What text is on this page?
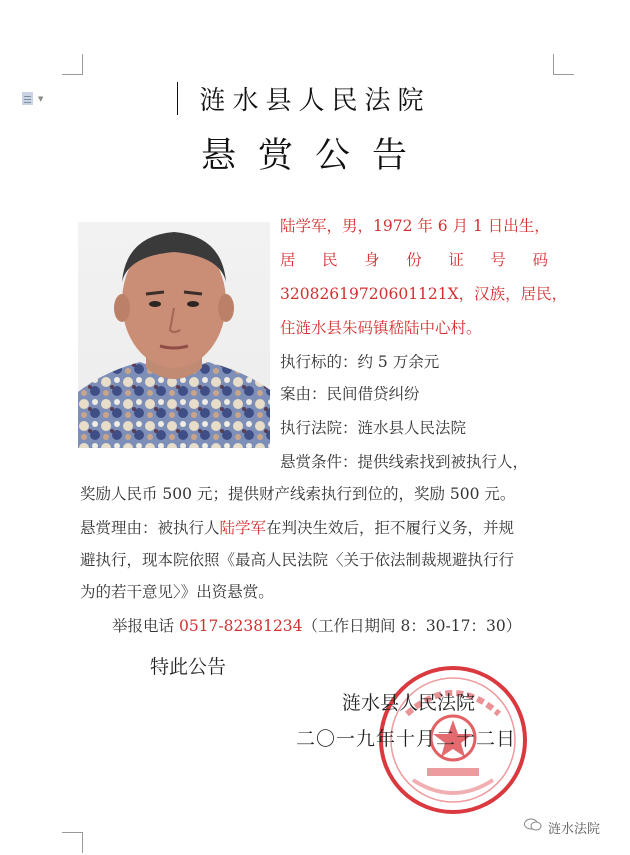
▼	涟水县人民法院
悬赏公告
陆学军，男，1972 年 6 月 1 日出生，
居 民 身 份 证 号 码
32082619720601121X，汉族，居民，
住涟水县朱码镇嵇陆中心村。
执行标的：约 5 万余元
案由：民间借贷纠纷
执行法院：涟水县人民法院
悬赏条件：提供线索找到被执行人，
奖励人民币 500 元；提供财产线索执行到位的，奖励 500 元。
悬赏理由：被执行人陆学军在判决生效后，拒不履行义务，并规
避执行，现本院依照《最高人民法院〈关于依法制裁规避执行行
为的若干意见〉》出资悬赏。
举报电话 0517-82381234（工作日期间 8：30-17：30）
特此公告
涟水县人民法院
二〇一九年十月二十二日
涟水法院
